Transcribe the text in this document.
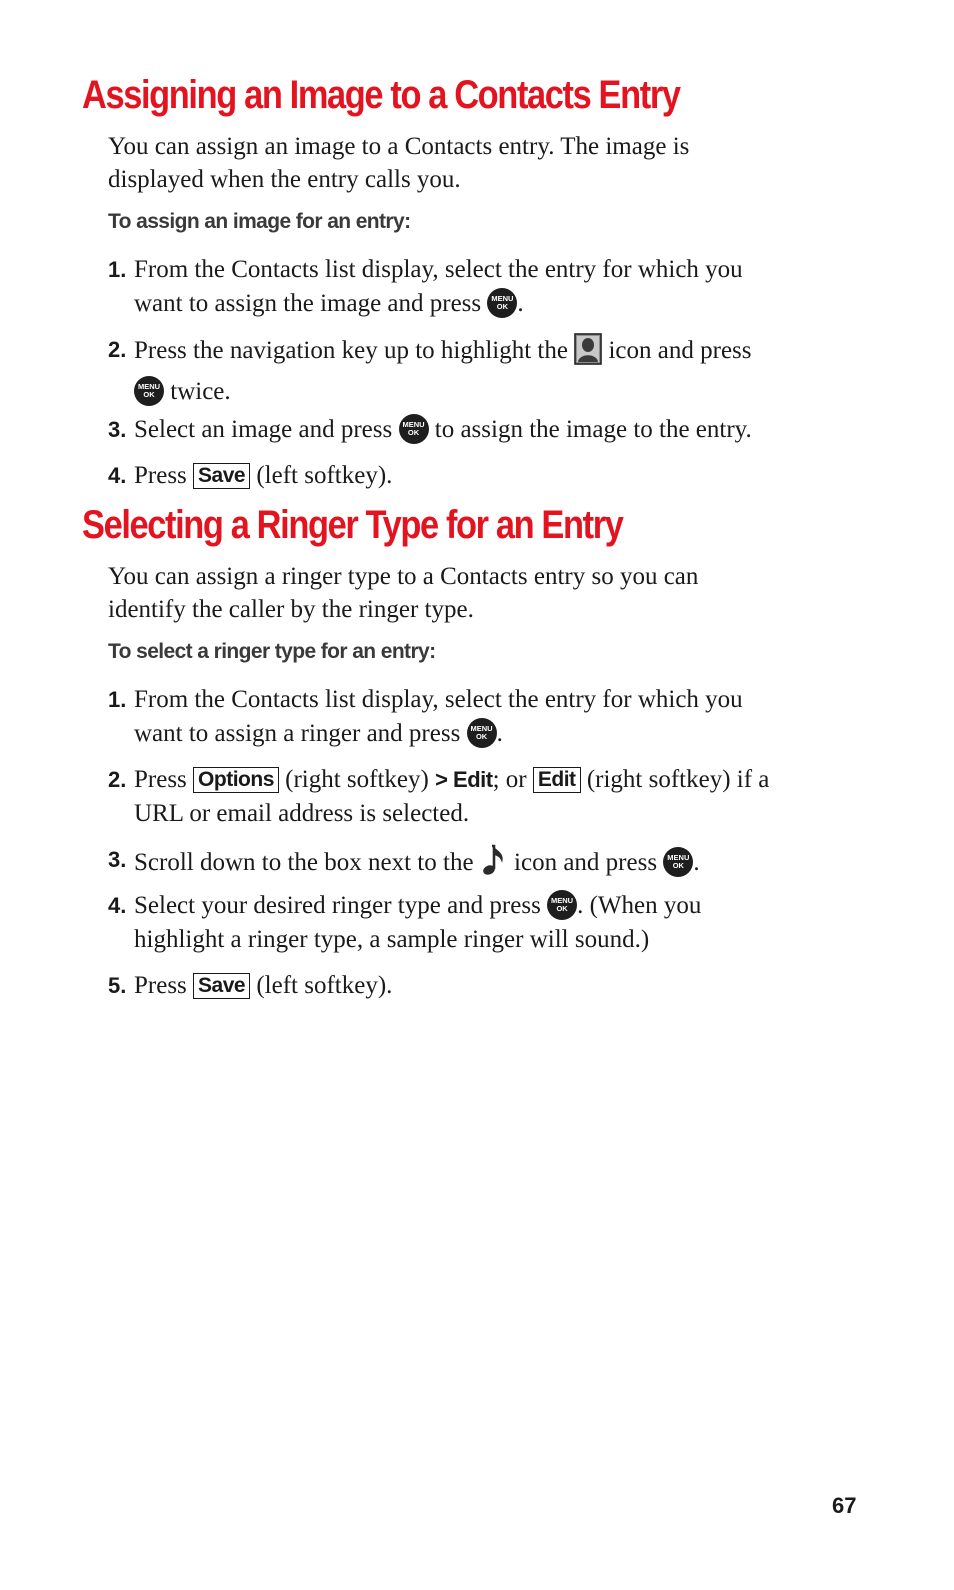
Assigning an Image to a Contacts Entry

You can assign an image to a Contacts entry. The image is
displayed when the entry calls you.

To assign an image for an entry:

1. From the Contacts list display, select the entry for which you
want to assign the image and press	MENU
OK .

2. Press the navigation key up to highlight the icon and press

MENU
OK twice.

3. Select an image and press	MENU
OK to assign the image to the entry.

4. Press Save (left softkey).

Selecting a Ringer Type for an Entry

You can assign a ringer type to a Contacts entry so you can
identify the caller by the ringer type.

To select a ringer type for an entry:

1. From the Contacts list display, select the entry for which you
want to assign a ringer and press	MENU
OK .

2. Press Options (right softkey) > Edit; or Edit (right softkey) if a
URL or email address is selected.

3. Scroll down to the box next to the icon and press	MENU
OK .

4. Select your desired ringer type and press	MENU
OK . (When you
highlight a ringer type, a sample ringer will sound.)

5. Press Save (left softkey).

67
